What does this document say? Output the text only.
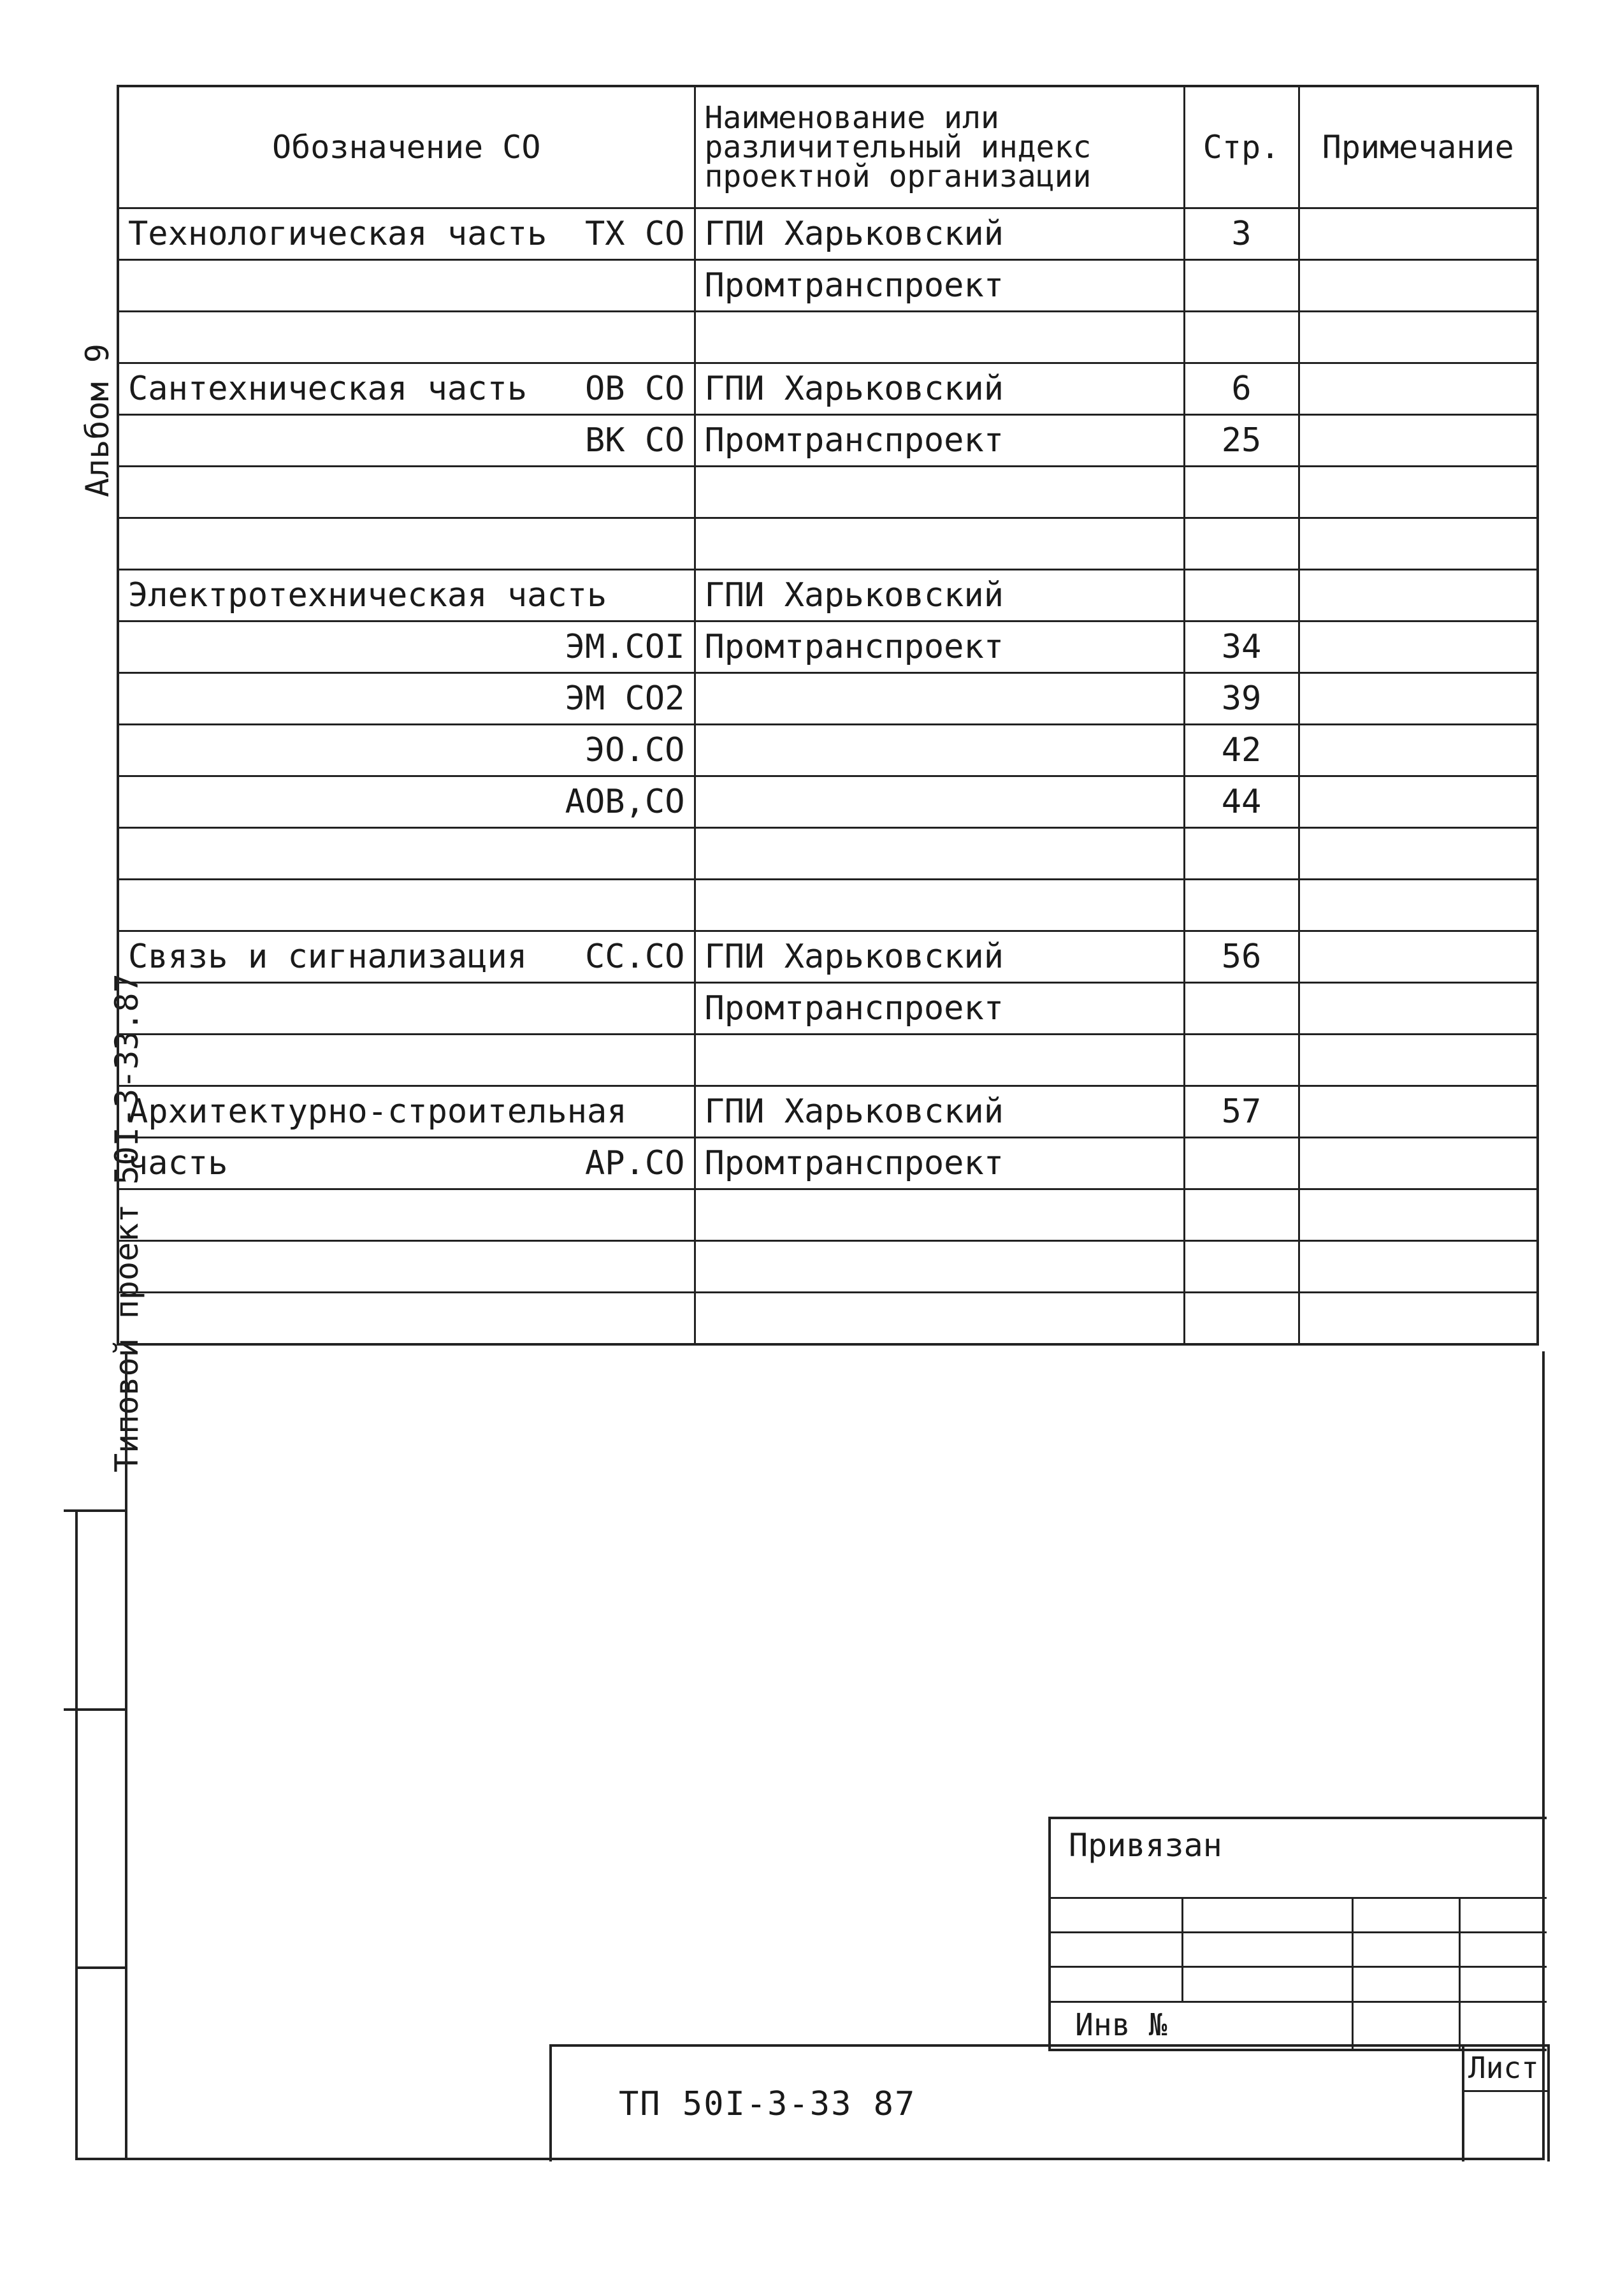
Альбом 9
Типовой проект 50I-3-33.87
Обозначение СО	Наименование или различительный индекс проектной организации	Стр.	Примечание

Технологическая часть ТХ СО	ГПИ Харьковский	3	

	Промтранспроект		

Сантехническая часть ОВ СО	ГПИ Харьковский	6	

ВК СО	Промтранспроект	25	

Электротехническая часть	ГПИ Харьковский		

ЭМ.СОI	Промтранспроект	34	

ЭМ СО2		39	

ЭО.СО		42	

АОВ,СО		44	

Связь и сигнализация СС.СО	ГПИ Харьковский	56	

	Промтранспроект		

Архитектурно-строительная	ГПИ Харьковский	57	

часть АР.СО	Промтранспроект		

Привязан
Инв №
ТП 50I-3-33 87
Лист
